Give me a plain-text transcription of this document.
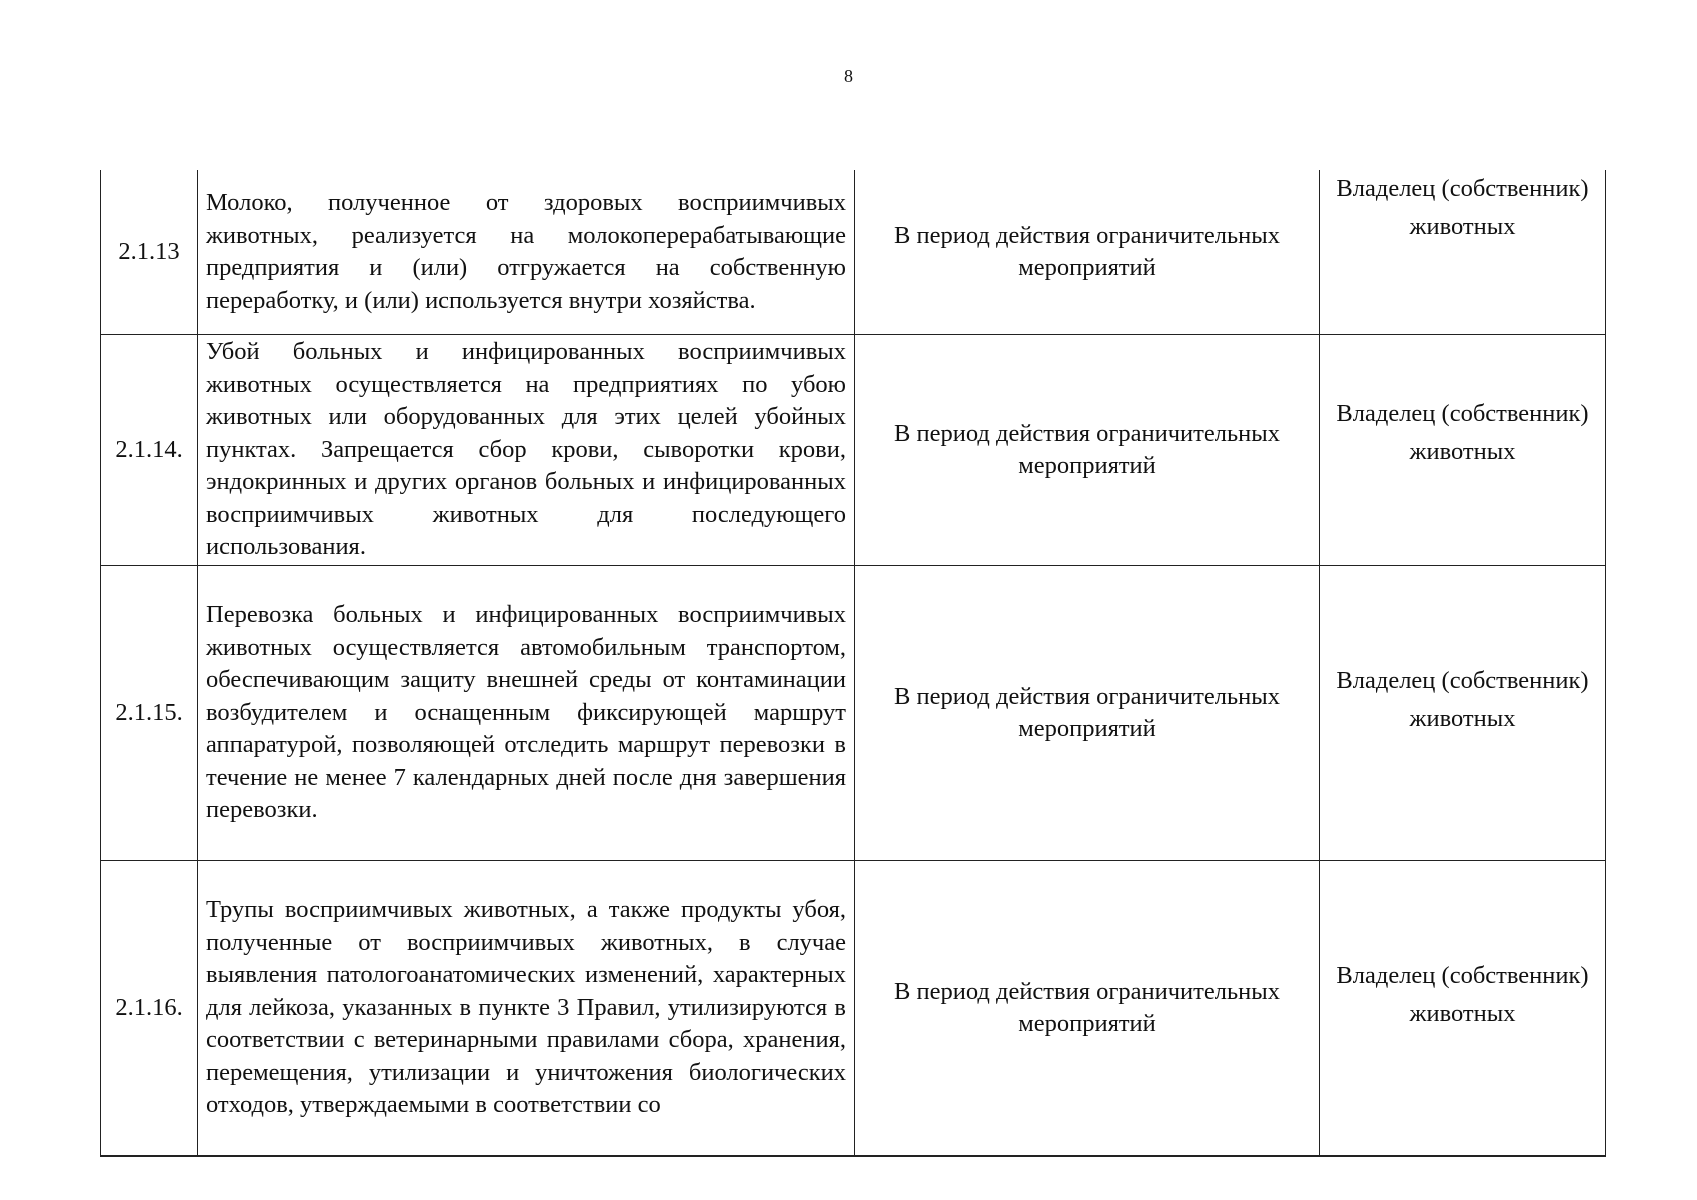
8
2.1.13	Молоко, полученное от здоровых восприимчивых животных, реализуется на молокоперерабатывающие предприятия и (или) отгружается на собственную переработку, и (или) используется внутри хозяйства.	В период действия ограничительных мероприятий	Владелец (собственник) животных

2.1.14.	Убой больных и инфицированных восприимчивых животных осуществляется на предприятиях по убою животных или оборудованных для этих целей убойных пунктах. Запрещается сбор крови, сыворотки крови, эндокринных и других органов больных и инфицированных восприимчивых животных для последующего использования.	В период действия ограничительных мероприятий	Владелец (собственник) животных

2.1.15.	Перевозка больных и инфицированных восприимчивых животных осуществляется автомобильным транспортом, обеспечивающим защиту внешней среды от контаминации возбудителем и оснащенным фиксирующей маршрут аппаратурой, позволяющей отследить маршрут перевозки в течение не менее 7 календарных дней после дня завершения перевозки.	В период действия ограничительных мероприятий	Владелец (собственник) животных

2.1.16.	Трупы восприимчивых животных, а также продукты убоя, полученные от восприимчивых животных, в случае выявления патологоанатомических изменений, характерных для лейкоза, указанных в пункте 3 Правил, утилизируются в соответствии с ветеринарными правилами сбора, хранения, перемещения, утилизации и уничтожения биологических отходов, утверждаемыми в соответствии со	В период действия ограничительных мероприятий	Владелец (собственник) животных
